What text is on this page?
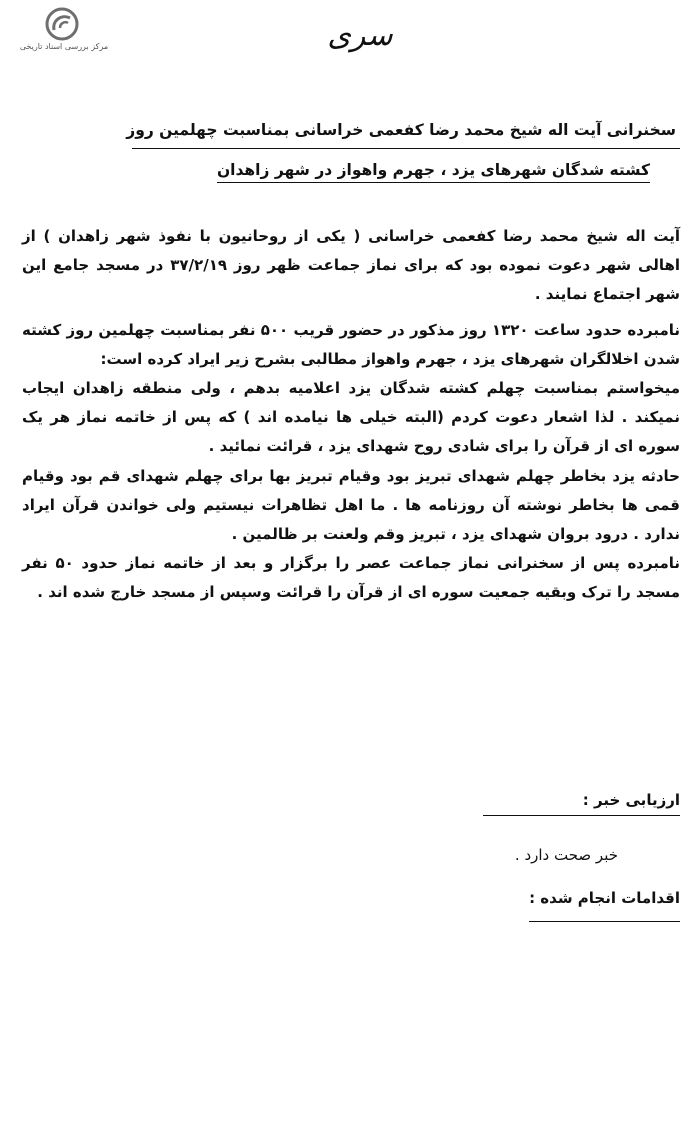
مرکز بررسی اسناد تاریخی	سری
سخنرانی آیت اله شیخ محمد رضا کفعمی خراسانی بمناسبت چهلمین روز
کشته شدگان شهرهای یزد ، جهرم واهواز در شهر زاهدان

آیت اله شیخ محمد رضا کفعمی خراسانی ( یکی از روحانیون با نفوذ شهر زاهدان ) از اهالی شهر دعوت نموده بود که برای نماز جماعت ظهر روز ۳۷/۲/۱۹ در مسجد جامع این شهر اجتماع نمایند .

نامبرده حدود ساعت ۱۳۲۰ روز مذکور در حضور قریب ۵۰۰ نفر بمناسبت چهلمین روز کشته شدن اخلالگران شهرهای یزد ، جهرم واهواز مطالبی بشرح زیر ایراد کرده است:

میخواستم بمناسبت چهلم کشته شدگان یزد اعلامیه بدهم ، ولی منطقه زاهدان ایجاب نمیکند . لذا اشعار دعوت کردم (البته خیلی ها نیامده اند ) که پس از خاتمه نماز هر یک سوره ای از قرآن را برای شادی روح شهدای یزد ، قرائت نمائید .

حادثه یزد بخاطر چهلم شهدای تبریز بود وقیام تبریز بها برای چهلم شهدای قم بود وقیام قمی ها بخاطر نوشته آن روزنامه ها . ما اهل تظاهرات نیستیم ولی خواندن قرآن ایراد ندارد . درود بروان شهدای یزد ، تبریز وقم ولعنت بر ظالمین .

نامبرده پس از سخنرانی نماز جماعت عصر را برگزار و بعد از خاتمه نماز حدود ۵۰ نفر مسجد را ترک وبقیه جمعیت سوره ای از قرآن را قرائت وسپس از مسجد خارج شده اند .

ارزیابی خبر :
خبر صحت دارد .
اقدامات انجام شده :
